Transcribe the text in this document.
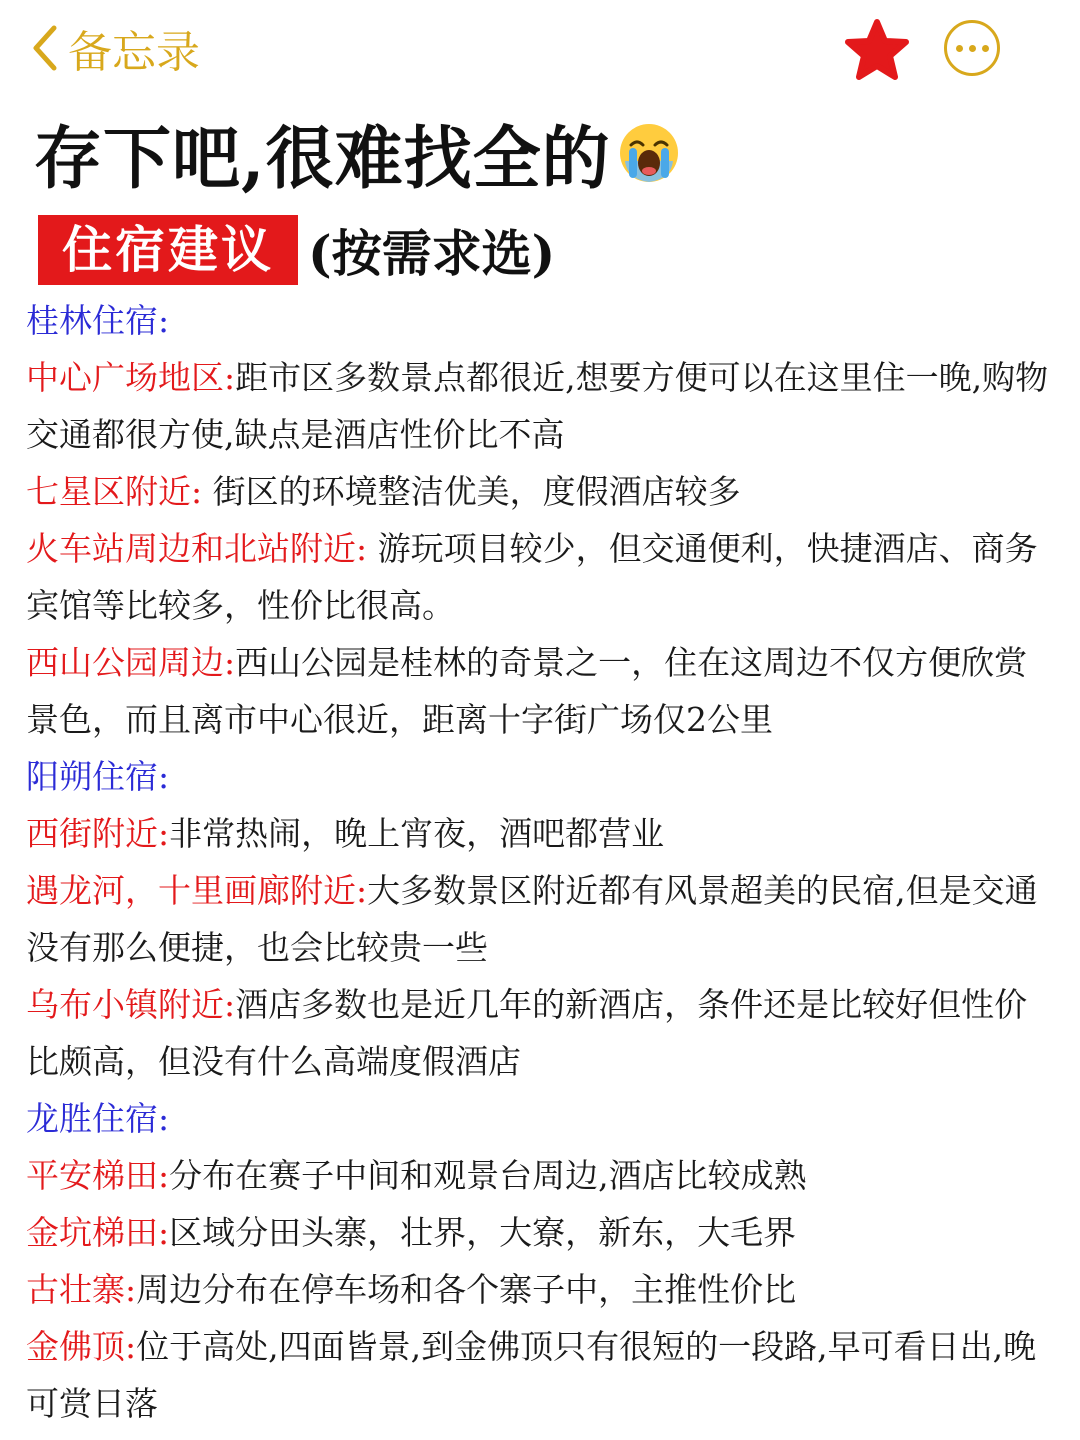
备忘录
存下吧,很难找全的
住宿建议 (按需求选)

桂林住宿:

中心广场地区:距市区多数景点都很近,想要方便可以在这里住一晚,购物交通都很方使,缺点是酒店性价比不高

七星区附近: 街区的环境整洁优美，度假酒店较多

火车站周边和北站附近: 游玩项目较少，但交通便利，快捷酒店、商务宾馆等比较多，性价比很高。

西山公园周边:西山公园是桂林的奇景之一，住在这周边不仅方便欣赏景色，而且离市中心很近，距离十字街广场仅2公里

阳朔住宿:

西街附近:非常热闹，晚上宵夜，酒吧都营业

遇龙河，十里画廊附近:大多数景区附近都有风景超美的民宿,但是交通没有那么便捷，也会比较贵一些

乌布小镇附近:酒店多数也是近几年的新酒店，条件还是比较好但性价比颇高，但没有什么高端度假酒店

龙胜住宿:

平安梯田:分布在赛子中间和观景台周边,酒店比较成熟

金坑梯田:区域分田头寨，壮界，大寮，新东，大毛界

古壮寨:周边分布在停车场和各个寨子中，主推性价比

金佛顶:位于高处,四面皆景,到金佛顶只有很短的一段路,早可看日出,晚可赏日落
